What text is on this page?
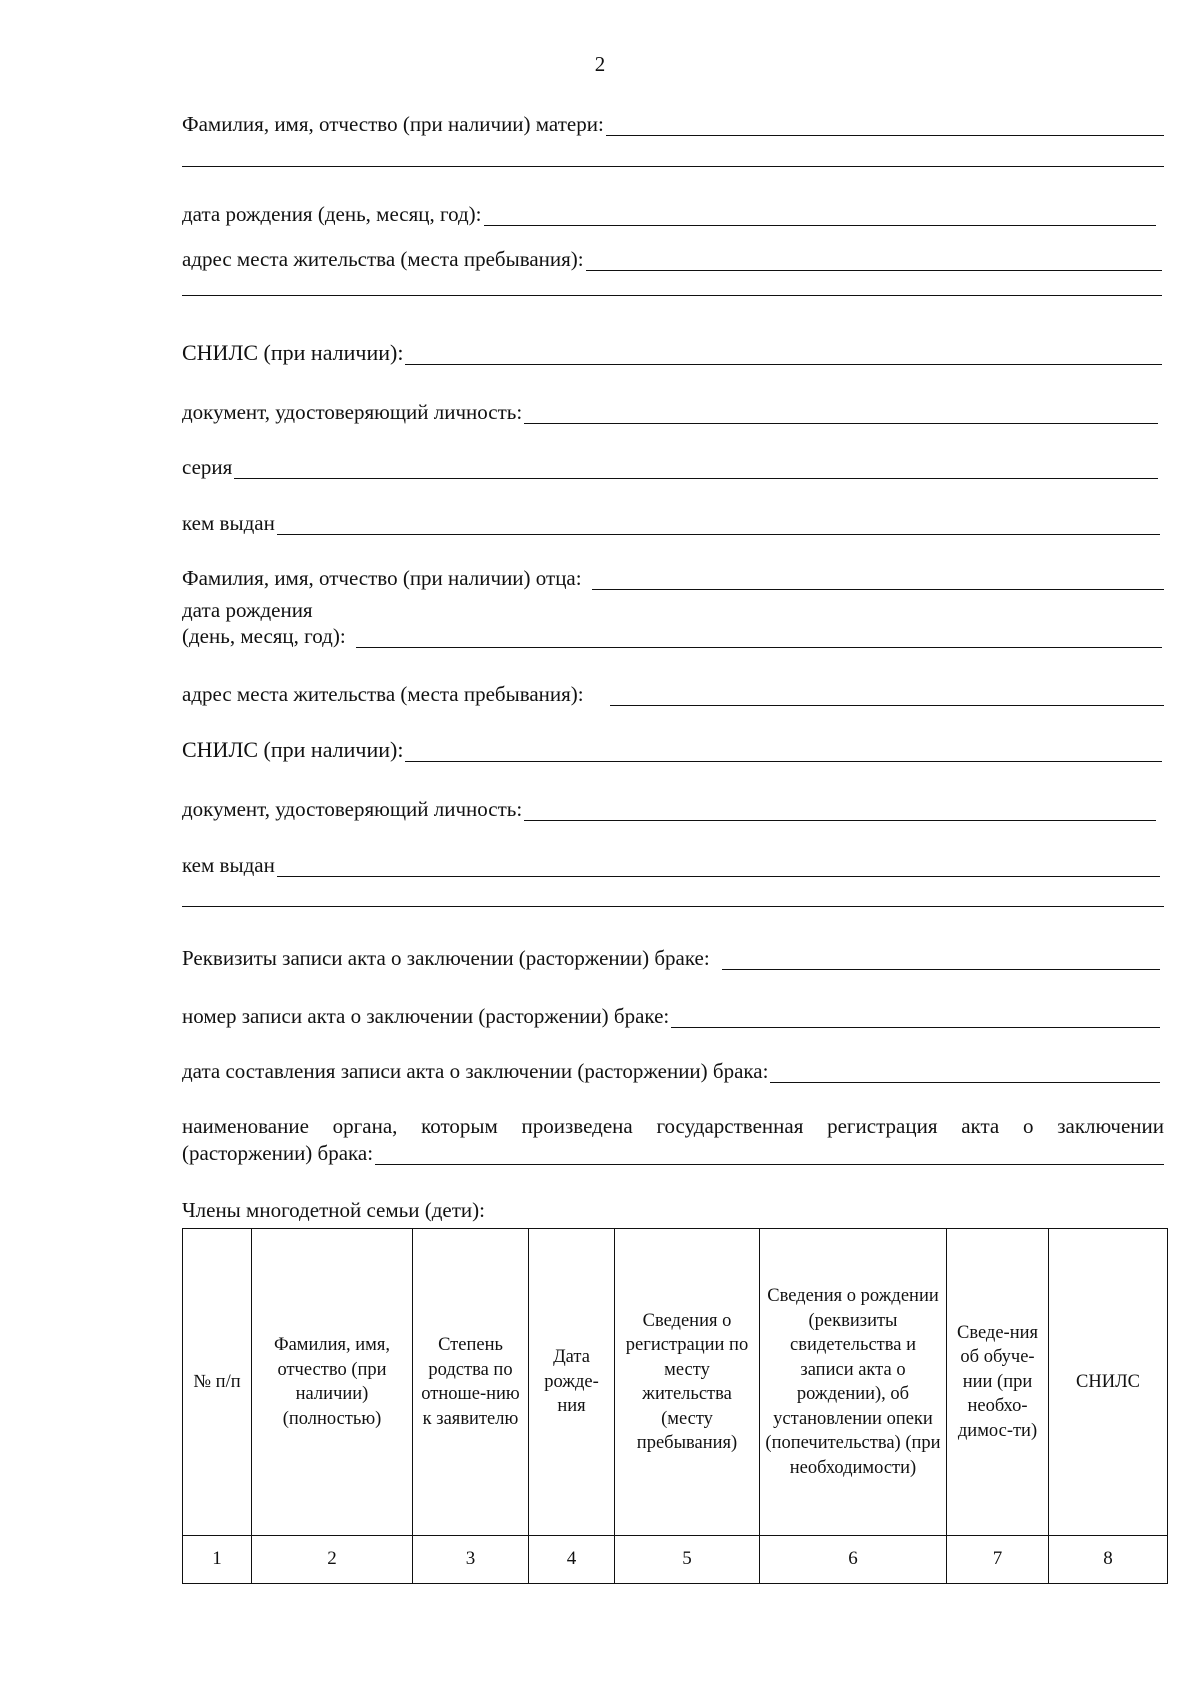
2
Фамилия, имя, отчество (при наличии) матери:
дата рождения (день, месяц, год):
адрес места жительства (места пребывания):
СНИЛС (при наличии):
документ, удостоверяющий личность:
серия
кем выдан
Фамилия, имя, отчество (при наличии) отца:
дата рождения
(день, месяц, год):
адрес места жительства (места пребывания):
СНИЛС (при наличии):
документ, удостоверяющий личность:
кем выдан
Реквизиты записи акта о заключении (расторжении) браке:
номер записи акта о заключении (расторжении) браке:
дата составления записи акта о заключении (расторжении) брака:
наименование органа, которым произведена государственная регистрация акта о заключении
(расторжении) брака:
Члены многодетной семьи (дети):
№ п/п	Фамилия, имя, отчество (при наличии) (полностью)	Степень родства по отноше-нию к заявителю	Дата рожде-ния	Сведения о регистрации по месту жительства (месту пребывания)	Сведения о рождении (реквизиты свидетельства и записи акта о рождении), об установлении опеки (попечительства) (при необходимости)	Сведе-ния об обуче-нии (при необхо-димос-ти)	СНИЛС
1	2	3	4	5	6	7	8
